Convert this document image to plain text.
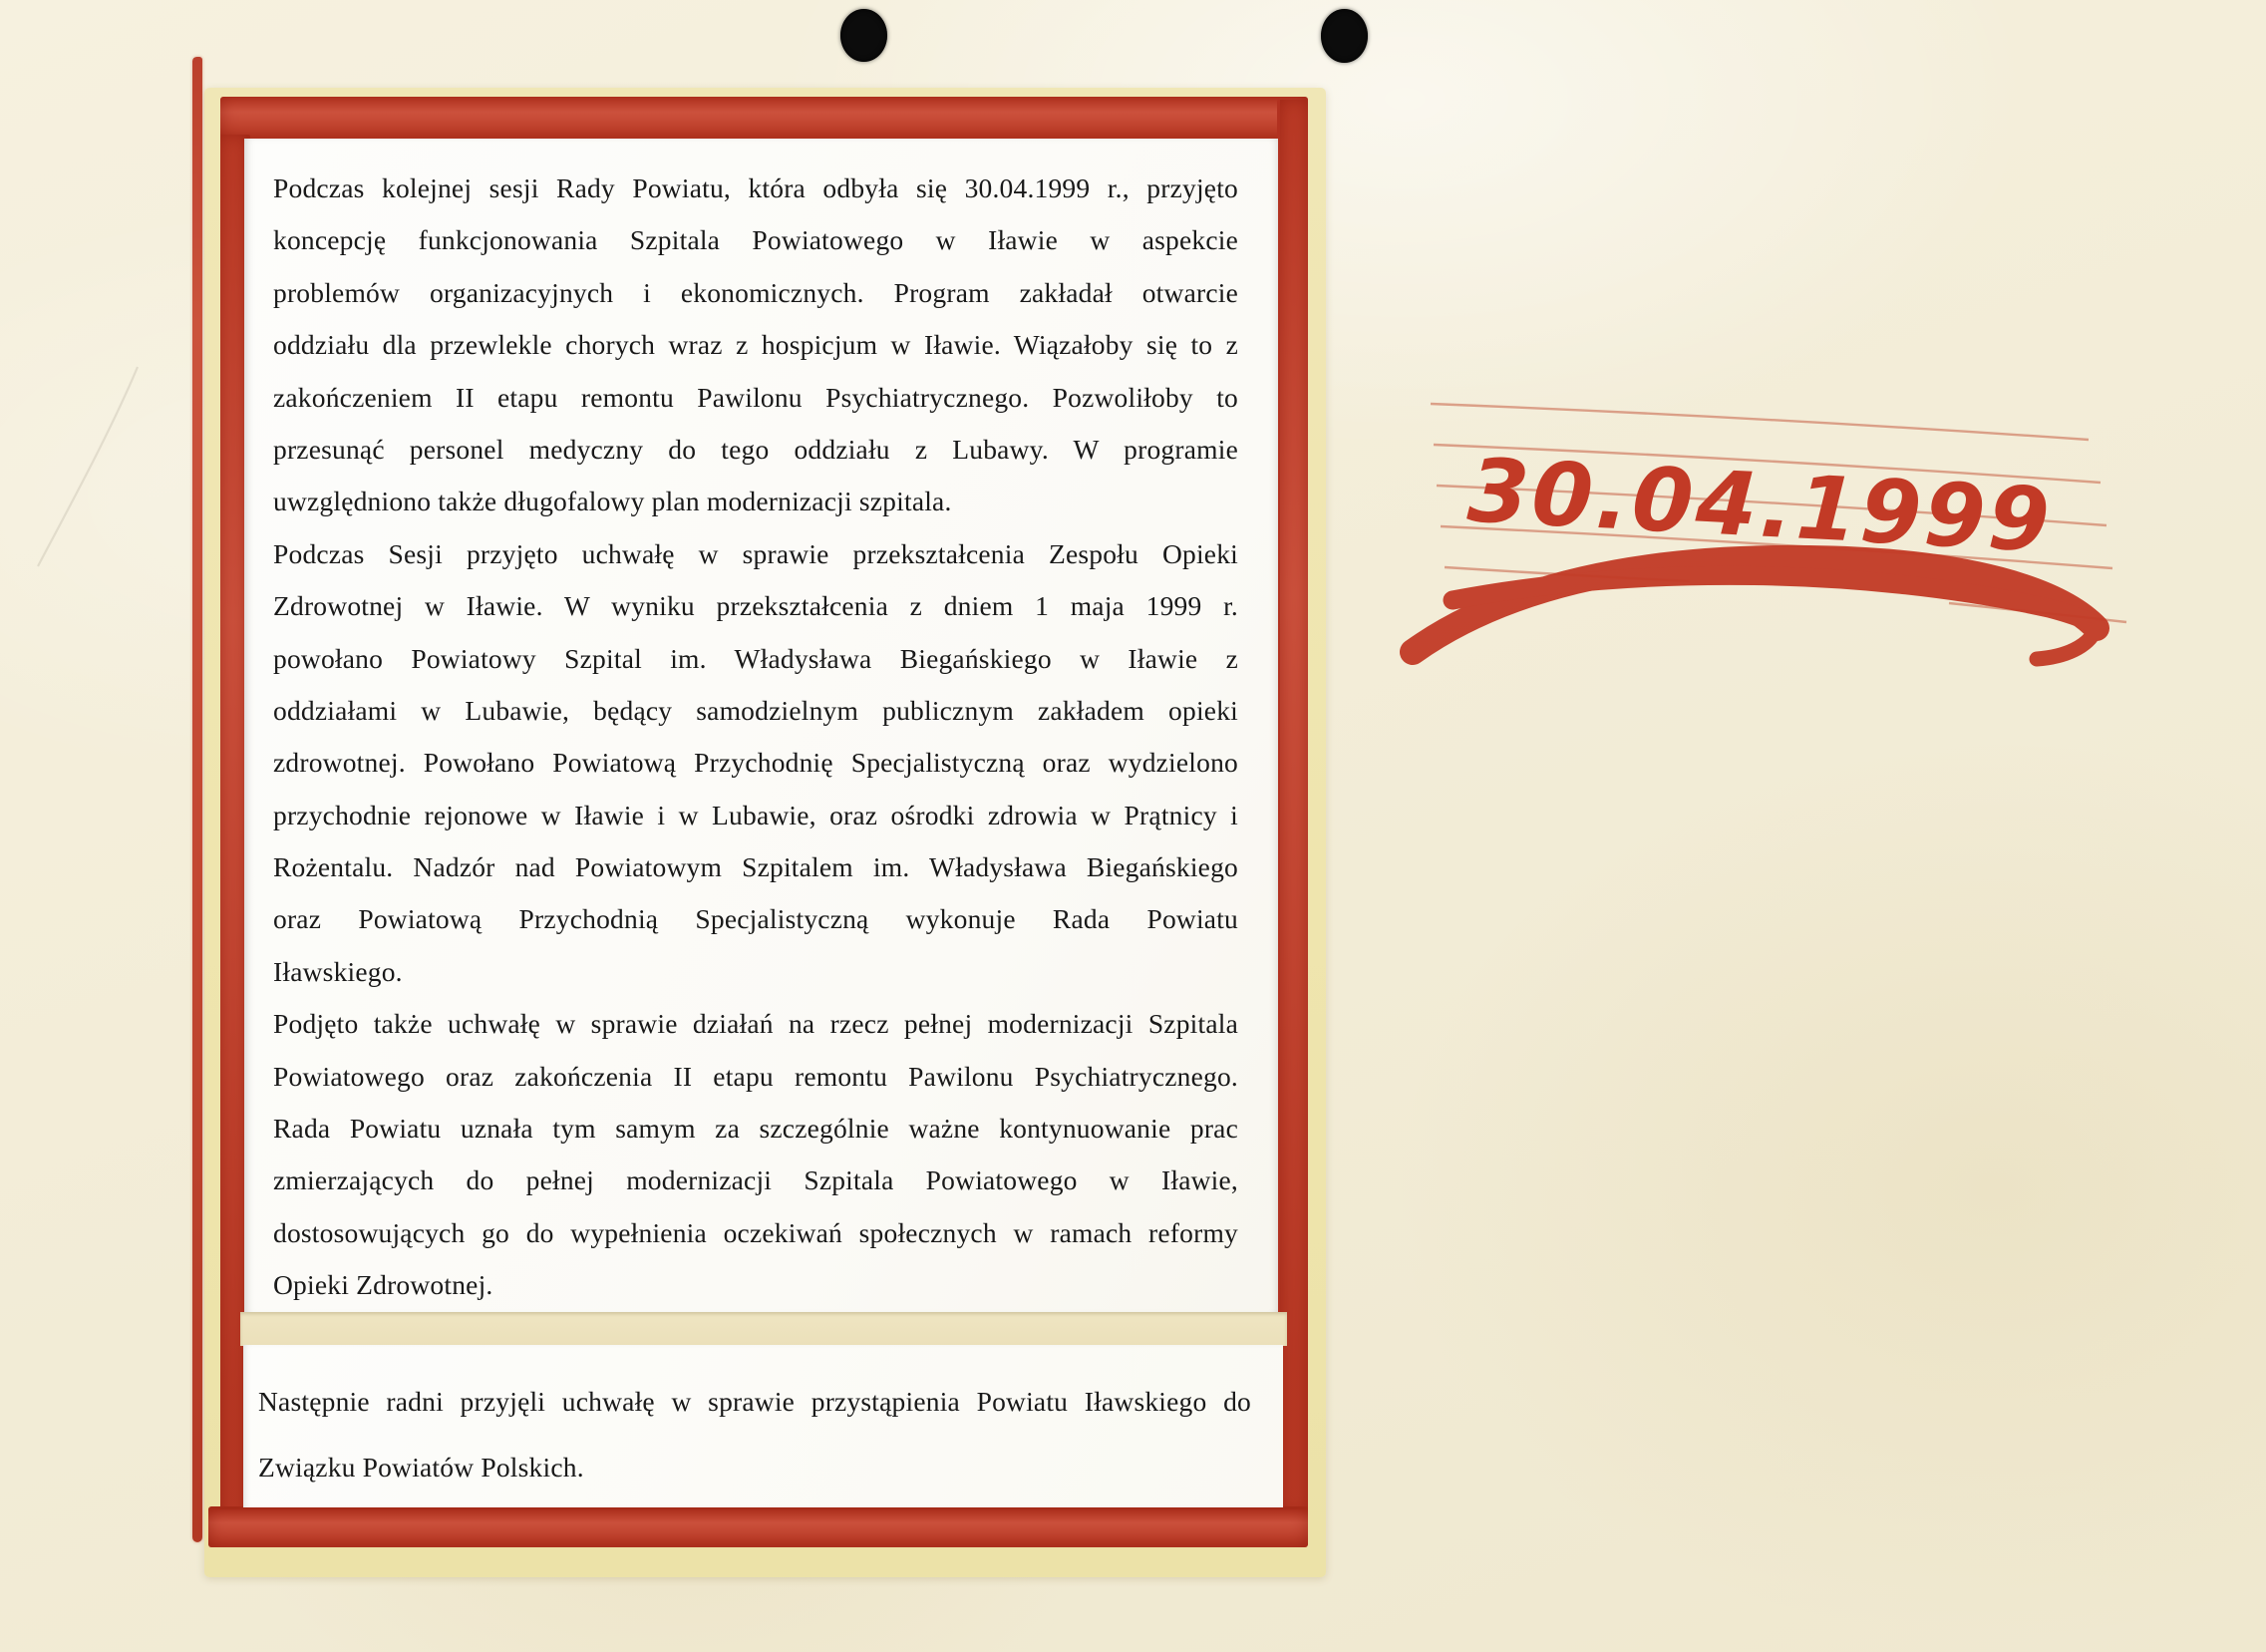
Podczas kolejnej sesji Rady Powiatu, która odbyła się 30.04.1999 r., przyjęto
koncepcję funkcjonowania Szpitala Powiatowego w Iławie w aspekcie
problemów organizacyjnych i ekonomicznych. Program zakładał otwarcie
oddziału dla przewlekle chorych wraz z hospicjum w Iławie. Wiązałoby się to z
zakończeniem II etapu remontu Pawilonu Psychiatrycznego. Pozwoliłoby to
przesunąć personel medyczny do tego oddziału z Lubawy. W programie
uwzględniono także długofalowy plan modernizacji szpitala.
Podczas Sesji przyjęto uchwałę w sprawie przekształcenia Zespołu Opieki
Zdrowotnej w Iławie. W wyniku przekształcenia z dniem 1 maja 1999 r.
powołano Powiatowy Szpital im. Władysława Biegańskiego w Iławie z
oddziałami w Lubawie, będący samodzielnym publicznym zakładem opieki
zdrowotnej. Powołano Powiatową Przychodnię Specjalistyczną oraz wydzielono
przychodnie rejonowe w Iławie i w Lubawie, oraz ośrodki zdrowia w Prątnicy i
Rożentalu. Nadzór nad Powiatowym Szpitalem im. Władysława Biegańskiego
oraz Powiatową Przychodnią Specjalistyczną wykonuje Rada Powiatu
Iławskiego.
Podjęto także uchwałę w sprawie działań na rzecz pełnej modernizacji Szpitala
Powiatowego oraz zakończenia II etapu remontu Pawilonu Psychiatrycznego.
Rada Powiatu uznała tym samym za szczególnie ważne kontynuowanie prac
zmierzających do pełnej modernizacji Szpitala Powiatowego w Iławie,
dostosowujących go do wypełnienia oczekiwań społecznych w ramach reformy
Opieki Zdrowotnej.
Następnie radni przyjęli uchwałę w sprawie przystąpienia Powiatu Iławskiego do
Związku Powiatów Polskich.
30.04.1999
